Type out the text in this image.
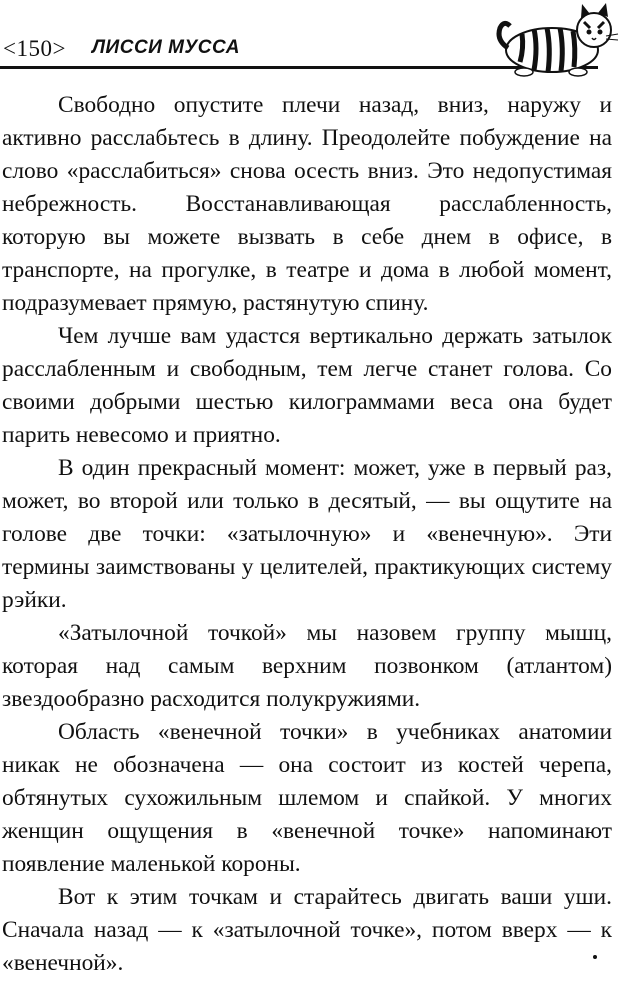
<150> ЛИССИ МУССА

Свободно опустите плечи назад, вниз, наружу и активно расслабьтесь в длину. Преодолейте побуждение на слово «расслабиться» снова осесть вниз. Это недопустимая небрежность. Восстанавливающая расслабленность, которую вы можете вызвать в себе днем в офисе, в транспорте, на прогулке, в театре и дома в любой момент, подразумевает прямую, растянутую спину.

Чем лучше вам удастся вертикально держать затылок расслабленным и свободным, тем легче станет голова. Со своими добрыми шестью килограммами веса она будет парить невесомо и приятно.

В один прекрасный момент: может, уже в первый раз, может, во второй или только в десятый, — вы ощутите на голове две точки: «затылочную» и «венечную». Эти термины заимствованы у целителей, практикующих систему рэйки.

«Затылочной точкой» мы назовем группу мышц, которая над самым верхним позвонком (атлантом) звездообразно расходится полукружиями.

Область «венечной точки» в учебниках анатомии никак не обозначена — она состоит из костей черепа, обтянутых сухожильным шлемом и спайкой. У многих женщин ощущения в «венечной точке» напоминают появление маленькой короны.

Вот к этим точкам и старайтесь двигать ваши уши. Сначала назад — к «затылочной точке», потом вверх — к «венечной».
